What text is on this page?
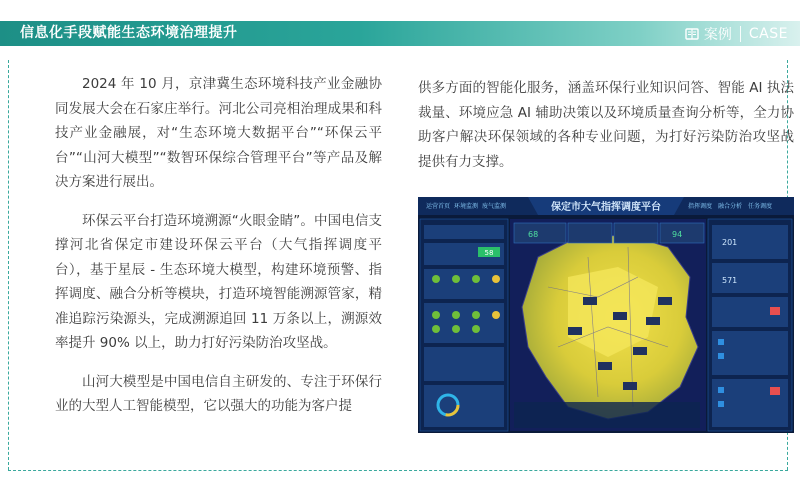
信息化手段赋能生态环境治理提升	案例 CASE

2024 年 10 月，京津冀生态环境科技产业金融协同发展大会在石家庄举行。河北公司亮相治理成果和科技产业金融展，对“生态环境大数据平台”“环保云平台”“山河大模型”“数智环保综合管理平台”等产品及解决方案进行展出。

环保云平台打造环境溯源“火眼金睛”。中国电信支撑河北省保定市建设环保云平台（大气指挥调度平台），基于星辰 - 生态环境大模型，构建环境预警、指挥调度、融合分析等模块，打造环境智能溯源管家，精准追踪污染源头，完成溯源追回 11 万条以上，溯源效率提升 90% 以上，助力打好污染防治攻坚战。

山河大模型是中国电信自主研发的、专注于环保行业的大型人工智能模型，它以强大的功能为客户提

供多方面的智能化服务，涵盖环保行业知识问答、智能 AI 执法裁量、环境应急 AI 辅助决策以及环境质量查询分析等，全力协助客户解决环保领域的各种专业问题，为打好污染防治攻坚战提供有力支撑。

保定市大气指挥调度平台
运营首页 环境监测 废气监测	指挥调度 融合分析 任务调度
58
68	94
201
571
